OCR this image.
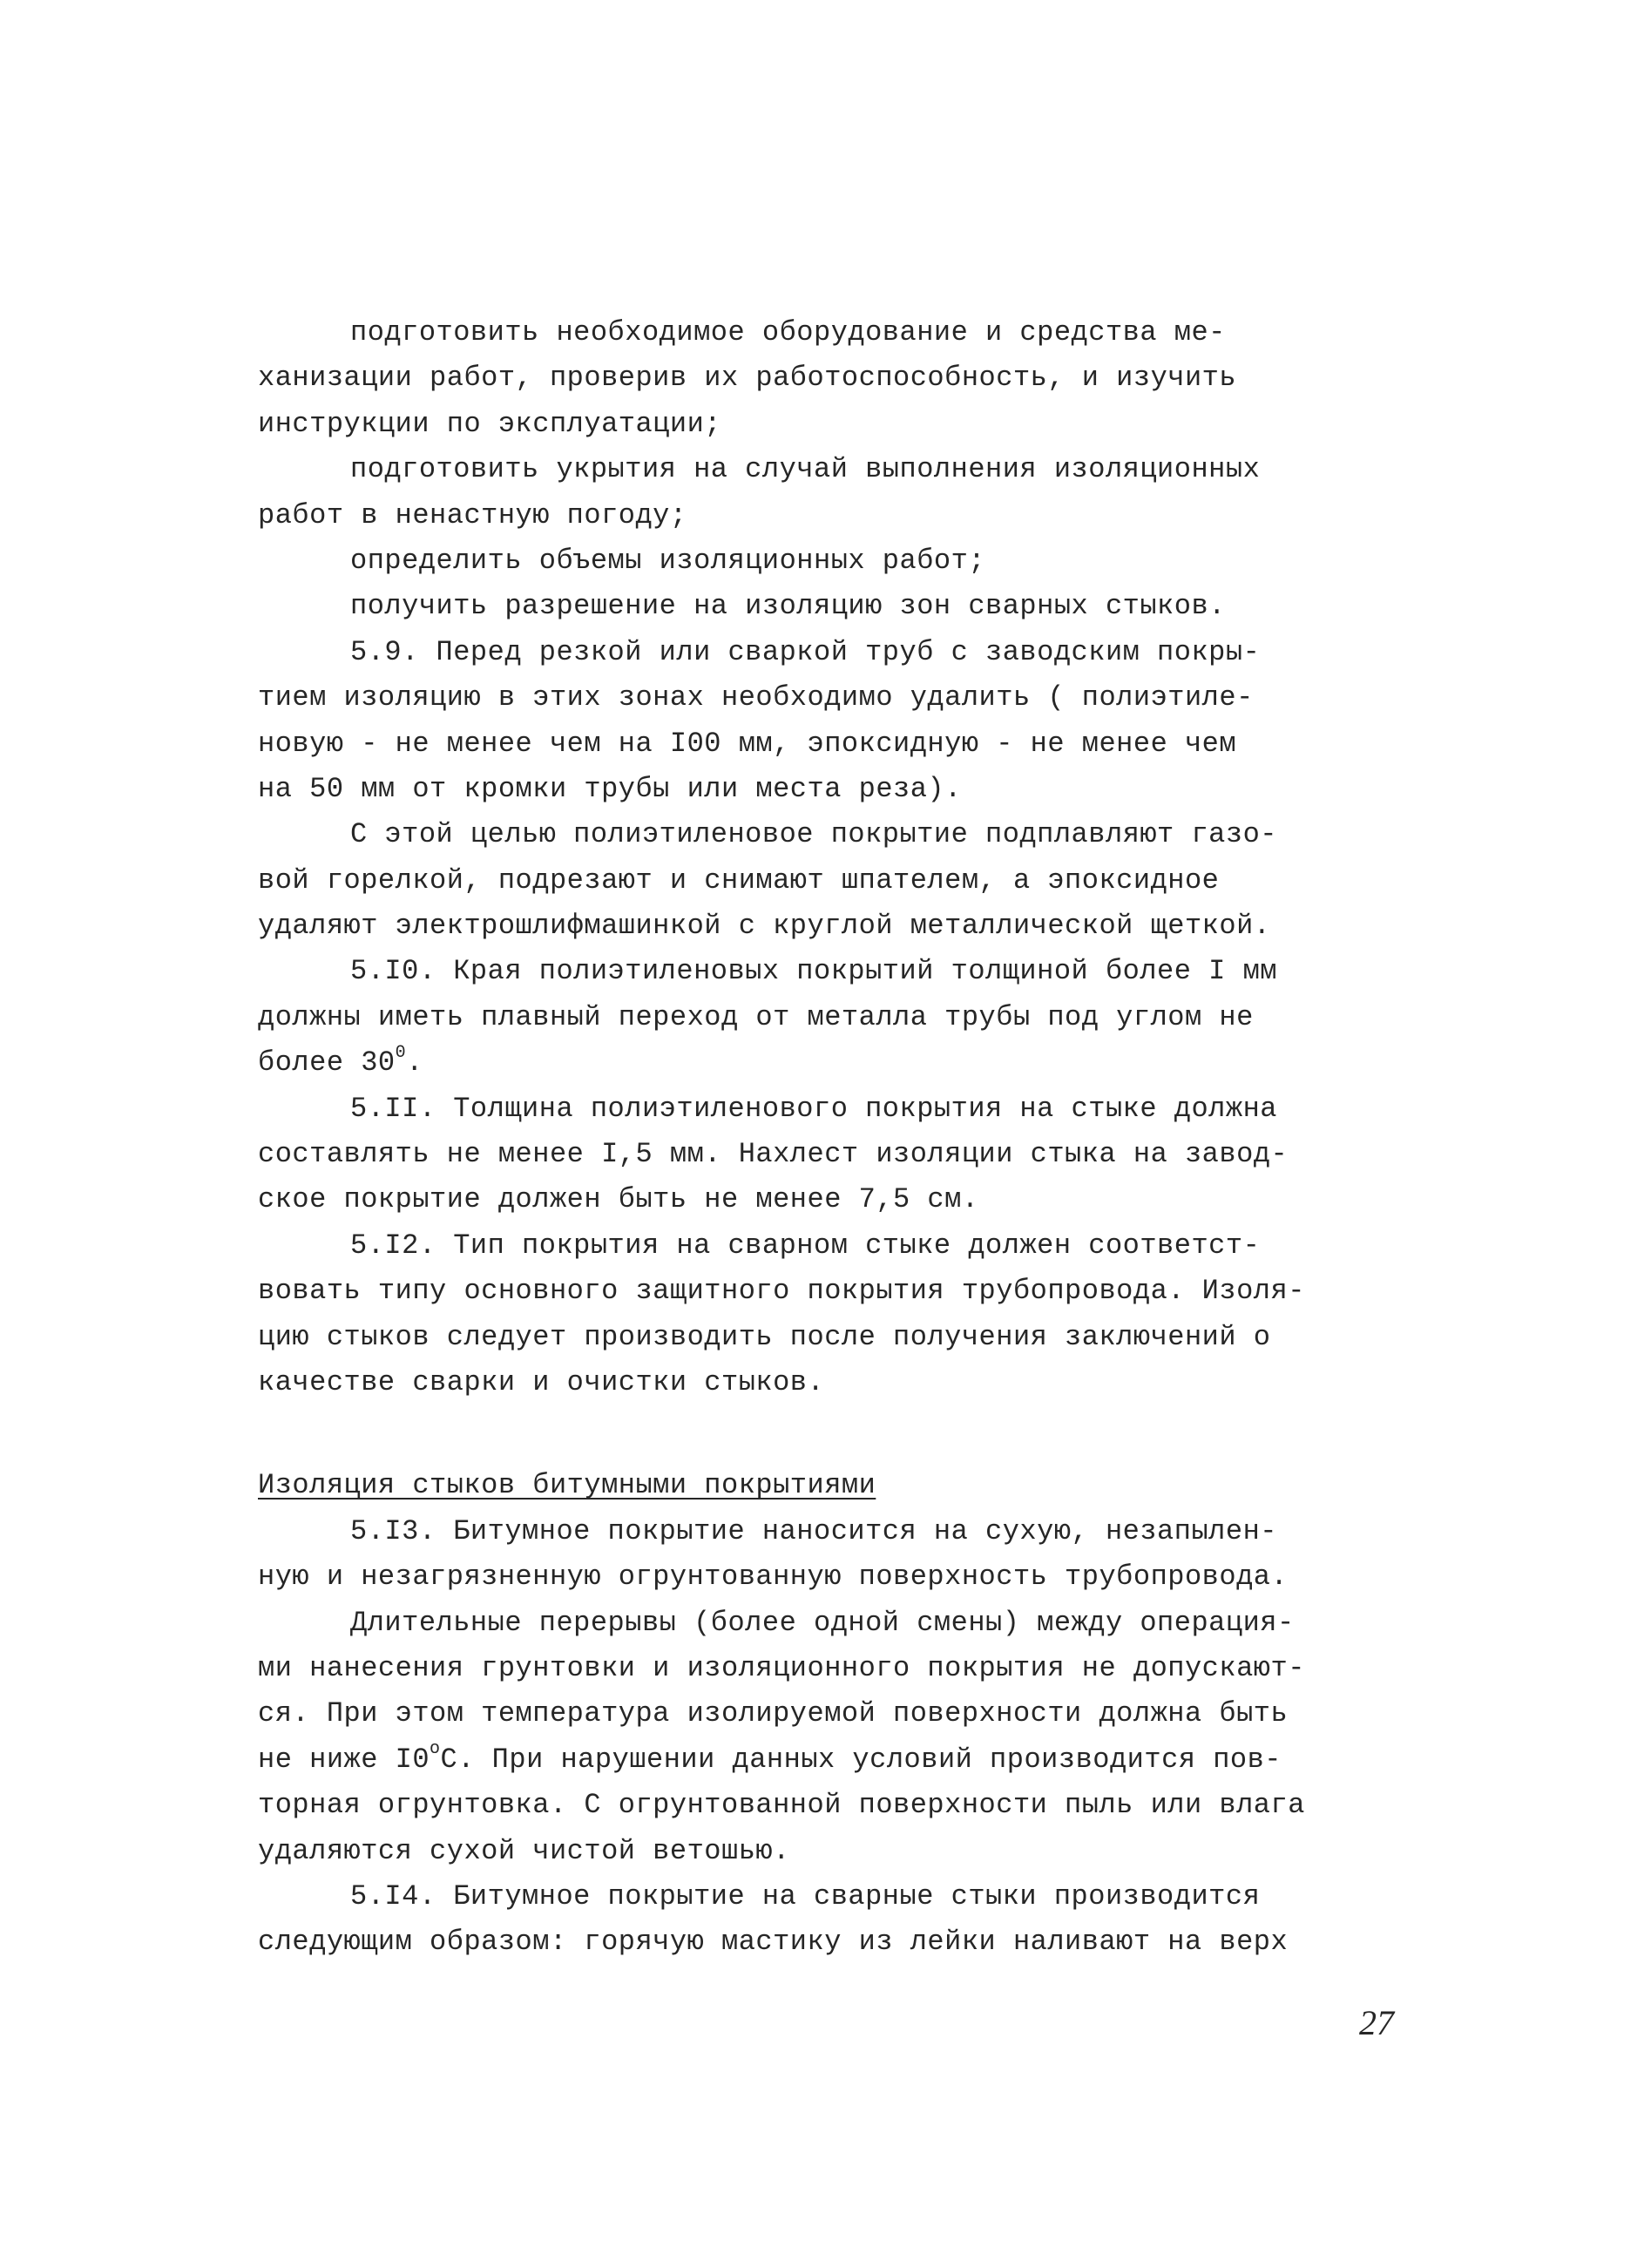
подготовить необходимое оборудование и средства ме-
ханизации работ, проверив их работоспособность, и изучить
инструкции по эксплуатации;
подготовить укрытия на случай выполнения изоляционных
работ в ненастную погоду;
определить объемы изоляционных работ;
получить разрешение на изоляцию зон сварных стыков.
5.9. Перед резкой или сваркой труб с заводским покры-
тием изоляцию в этих зонах необходимо удалить ( полиэтиле-
новую - не менее чем на I00 мм, эпоксидную - не менее чем
на 50 мм от кромки трубы или места реза).
С этой целью полиэтиленовое покрытие подплавляют газо-
вой горелкой, подрезают и снимают шпателем, а эпоксидное
удаляют электрошлифмашинкой с круглой металлической щеткой.
5.I0. Края полиэтиленовых покрытий толщиной более I мм
должны иметь плавный переход от металла трубы под углом не
более $30^0$.
5.II. Толщина полиэтиленового покрытия на стыке должна
составлять не менее I,5 мм. Нахлест изоляции стыка на завод-
ское покрытие должен быть не менее 7,5 см.
5.I2. Тип покрытия на сварном стыке должен соответст-
вовать типу основного защитного покрытия трубопровода. Изоля-
цию стыков следует производить после получения заключений о
качестве сварки и очистки стыков.
Изоляция стыков битумными покрытиями
5.I3. Битумное покрытие наносится на сухую, незапылен-
ную и незагрязненную огрунтованную поверхность трубопровода.
Длительные перерывы (более одной смены) между операция-
ми нанесения грунтовки и изоляционного покрытия не допускают-
ся. При этом температура изолируемой поверхности должна быть
не ниже $I0^оС$. При нарушении данных условий производится пов-
торная огрунтовка. С огрунтованной поверхности пыль или влага
удаляются сухой чистой ветошью.
5.I4. Битумное покрытие на сварные стыки производится
следующим образом: горячую мастику из лейки наливают на верх
27
